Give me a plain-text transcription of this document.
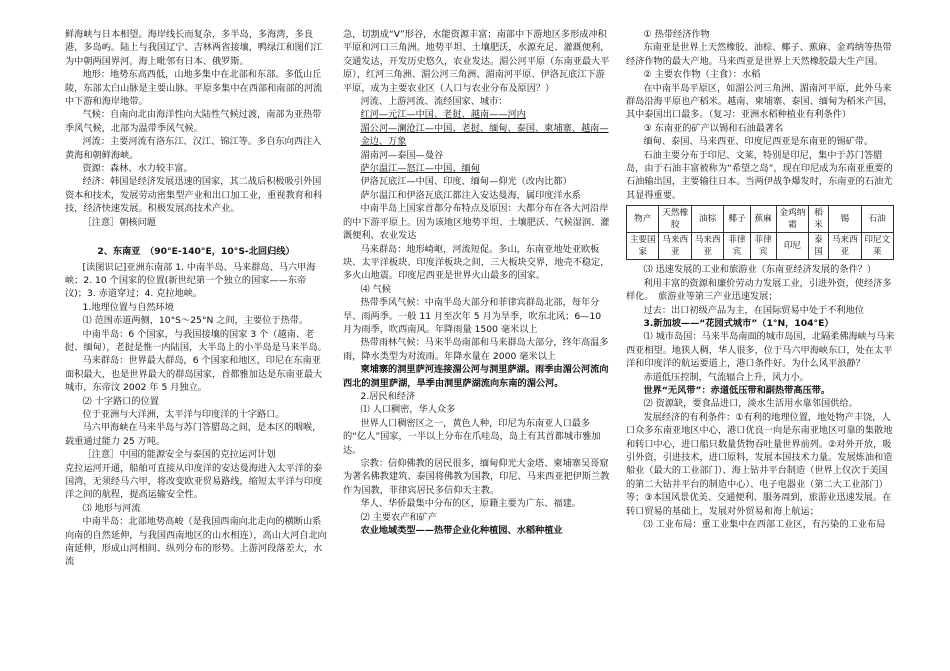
鲜海峡与日本相望。海岸线长而复杂，多半岛，多海湾，多良港，多岛屿。陆上与我国辽宁、吉林两省接壤，鸭绿江和图们江为中朝两国界河。海上毗邻有日本、俄罗斯。

地形：地势东高西低，山地多集中在北部和东部。多低山丘陵，东部太白山脉是主要山脉。平原多集中在西部和南部的河流中下游和海岸地带。

气候：自南向北由海洋性向大陆性气候过渡，南部为亚热带季风气候，北部为温带季风气候。

河流：主要河流有洛东江、汉江、锦江等。多自东向西注入黄海和朝鲜海峡。

资源：森林、水力较丰富。

经济：韩国是经济发展迅速的国家，其二战后积极吸引外国资本和技术，发展劳动密集型产业和出口加工业，重视教育和科技，经济快速发展。积极发展高技术产业。

［注意］朝核问题

2、东南亚　（90°E-140°E，10°S-北回归线）

[读图识记]亚洲东南部 1. 中南半岛、马来群岛、马六甲海峡；2. 10 个国家的位置(新世纪第一个独立的国家——东帝汶)；3. 赤道穿过；4. 克拉地峡。

1.地理位置与自然环境

⑴ 范围赤道两侧，10°S～25°N 之间，主要位于热带。

中南半岛：6 个国家，与我国接壤的国家 3 个（越南、老挝、缅甸），老挝是惟一内陆国，大半岛上的小半岛是马来半岛。

马来群岛：世界最大群岛，6 个国家和地区，印尼在东南亚面积最大，也是世界最大的群岛国家，首都雅加达是东南亚最大城市，东帝汶 2002 年 5 月独立。

⑵ 十字路口的位置

位于亚洲与大洋洲，太平洋与印度洋的十字路口。

马六甲海峡在马来半岛与苏门答腊岛之间，是本区的咽喉，载重通过能力 25 万吨。

［注意］中国的能源安全与泰国的克拉运河计划

克拉运河开通，船舶可直接从印度洋的安达曼海进入太平洋的泰国湾，无须经马六甲，将改变欧亚贸易路线，缩短太平洋与印度洋之间的航程，提高运输安全性。

⑶ 地形与河流

中南半岛：北部地势高峻（是我国西南向北走向的横断山系向南的自然延伸，与我国西南地区的山水相连），高山大河自北向南延伸，形成山河相间、纵列分布的形势。上游河段落差大，水流

急，切割成“V”形谷，水能资源丰富；南部中下游地区多形成冲积平原和河口三角洲。地势平坦、土壤肥沃，水源充足、灌溉便利，交通发达，开发历史悠久，农业发达。湄公河平原（东南亚最大平原），红河三角洲、湄公河三角洲、湄南河平原、伊洛瓦底江下游平原，成为主要农业区（人口与农业分布及原因？）

河流、上游河流、流经国家、城市：

红河—元江—中国、老挝、越南——河内

湄公河—澜沧江—中国、老挝、缅甸、泰国、柬埔寨、越南—金边、万象

湄南河—泰国—曼谷

萨尔温江—怒江—中国、缅甸

伊洛瓦底江—中国、印度、缅甸—仰光（改内比都）

萨尔温江和伊洛瓦底江都注入安达曼海，属印度洋水系

中南半岛上国家首都分布特点及原因：大都分布在各大河沿岸的中下游平原上。因为该地区地势平坦、土壤肥沃、气候湿润、灌溉便利、农业发达

马来群岛：地形崎岖，河流短促。多山，东南亚地处亚欧板块、太平洋板块、印度洋板块之间，三大板块交界，地壳不稳定，多火山地震。印度尼西亚是世界火山最多的国家。

⑷ 气候

热带季风气候：中南半岛大部分和菲律宾群岛北部，每年分旱、雨两季。一般 11 月至次年 5 月为旱季，吹东北风；6—10 月为雨季，吹西南风。年降雨量 1500 毫米以上

热带雨林气候：马来半岛南部和马来群岛大部分，终年高温多雨，降水类型为对流雨。年降水量在 2000 毫米以上

柬埔寨的洞里萨河连接湄公河与洞里萨湖。雨季由湄公河流向西北的洞里萨湖，旱季由洞里萨湖流向东南的湄公河。

2.居民和经济

⑴ 人口稠密，华人众多

世界人口稠密区之一，黄色人种，印尼为东南亚人口最多的“亿人”国家，一半以上分布在爪哇岛，岛上有其首都城市雅加达。

宗教：信仰佛教的居民很多，缅甸仰光大金塔、柬埔寨吴哥窟为著名佛教建筑、泰国将佛教为国教，印尼、马来西亚把伊斯兰教作为国教，菲律宾居民多信仰天主教。

华人、华侨最集中分布的区，原籍主要为广东、福建。

⑵ 主要农产和矿产

农业地域类型——热带企业化种植园、水稻种植业

① 热带经济作物

东南亚是世界上天然橡胶、油棕、椰子、蕉麻、金鸡纳等热带经济作物的最大产地。马来西亚是世界上天然橡胶最大生产国。

② 主要农作物（主食）：水稻

在中南半岛平原区，如湄公河三角洲、湄南河平原，此外马来群岛沿海平原也产稻米。越南、柬埔寨、泰国、缅甸为稻米产国，其中泰国出口最多。（复习：亚洲水稻种植业有利条件）

③ 东南亚的矿产以锡和石油最著名

缅甸、泰国、马来西亚、印度尼西亚是东南亚的锡矿带。

石油主要分布于印尼、文莱，特别是印尼，集中于苏门答腊岛，由于石油丰富被称为“希望之岛”，现在印尼成为东南亚重要的石油输出国，主要输往日本。当两伊战争爆发时，东南亚的石油尤其显得重要。

物产	天然橡胶	油棕	椰子	蕉麻	金鸡纳霜	稻米	锡	石油
主要国家	马来西亚	马来西亚	菲律宾	菲律宾	印尼	泰国	马来西亚	印尼文莱

⑶ 迅速发展的工业和旅游业（东南亚经济发展的条件？）

利用丰富的资源和廉价劳动力发展工业，引进外资，使经济多样化。　旅游业等第三产业迅速发展；

过去：出口初级产品为主，在国际贸易中处于不利地位

3.新加坡——“花园式城市”（1°N，104°E）

⑴ 城市岛国：马来半岛南面的城市岛国，北隔柔佛海峡与马来西亚相望。地狭人稠，华人很多，位于马六甲海峡东口，处在太平洋和印度洋的航运要道上，港口条件好。为什么风平浪静？

赤道低压控制，气流辐合上升，风力小。

世界“无风带”：赤道低压带和副热带高压带。

⑵ 资源缺，要食品进口，淡水生活用水靠邻国供给。

发展经济的有利条件：①有利的地理位置，地处物产丰饶，人口众多东南亚地区中心，港口优良一向是东南亚地区可靠的集散地和转口中心，进口船只数量货物吞吐量世界前列。②对外开放，吸引外资，引进技术，进口原料，发展本国技术力量。发展炼油和造船业（最大的工业部门）、海上钻井平台制造（世界上仅次于美国的第二大钻井平台的制造中心）、电子电器业（第二大工业部门）等；③本国风景优美、交通便利、服务周到，旅游业迅速发展。在转口贸易的基础上，发展对外贸易和海上航运；

⑶ 工业布局：重工业集中在西部工业区，有污染的工业布局
